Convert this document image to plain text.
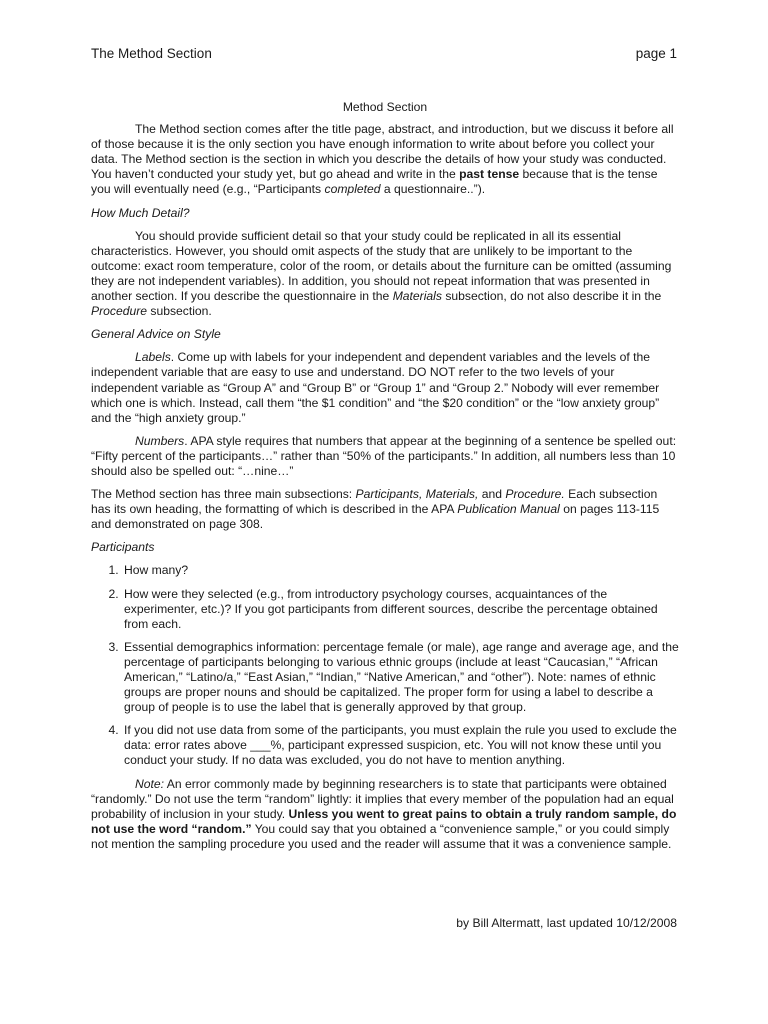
The Method Section	page 1

Method Section

The Method section comes after the title page, abstract, and introduction, but we discuss it before all of those because it is the only section you have enough information to write about before you collect your data. The Method section is the section in which you describe the details of how your study was conducted. You haven’t conducted your study yet, but go ahead and write in the past tense because that is the tense you will eventually need (e.g., “Participants completed a questionnaire..”).

How Much Detail?

You should provide sufficient detail so that your study could be replicated in all its essential characteristics. However, you should omit aspects of the study that are unlikely to be important to the outcome: exact room temperature, color of the room, or details about the furniture can be omitted (assuming they are not independent variables). In addition, you should not repeat information that was presented in another section. If you describe the questionnaire in the Materials subsection, do not also describe it in the Procedure subsection.

General Advice on Style

Labels. Come up with labels for your independent and dependent variables and the levels of the independent variable that are easy to use and understand. DO NOT refer to the two levels of your independent variable as “Group A” and “Group B” or “Group 1” and “Group 2.” Nobody will ever remember which one is which. Instead, call them “the $1 condition” and “the $20 condition” or the “low anxiety group” and the “high anxiety group.”

Numbers. APA style requires that numbers that appear at the beginning of a sentence be spelled out: “Fifty percent of the participants…” rather than “50% of the participants.” In addition, all numbers less than 10 should also be spelled out: “…nine…”

The Method section has three main subsections: Participants, Materials, and Procedure. Each subsection has its own heading, the formatting of which is described in the APA Publication Manual on pages 113-115 and demonstrated on page 308.

Participants

1. How many?
2. How were they selected (e.g., from introductory psychology courses, acquaintances of the experimenter, etc.)? If you got participants from different sources, describe the percentage obtained from each.
3. Essential demographics information: percentage female (or male), age range and average age, and the percentage of participants belonging to various ethnic groups (include at least “Caucasian,” “African American,” “Latino/a,” “East Asian,” “Indian,” “Native American,” and “other”). Note: names of ethnic groups are proper nouns and should be capitalized. The proper form for using a label to describe a group of people is to use the label that is generally approved by that group.
4. If you did not use data from some of the participants, you must explain the rule you used to exclude the data: error rates above ___%, participant expressed suspicion, etc. You will not know these until you conduct your study. If no data was excluded, you do not have to mention anything.

Note: An error commonly made by beginning researchers is to state that participants were obtained “randomly.” Do not use the term “random” lightly: it implies that every member of the population had an equal probability of inclusion in your study. Unless you went to great pains to obtain a truly random sample, do not use the word “random.” You could say that you obtained a “convenience sample,” or you could simply not mention the sampling procedure you used and the reader will assume that it was a convenience sample.

by Bill Altermatt, last updated 10/12/2008
